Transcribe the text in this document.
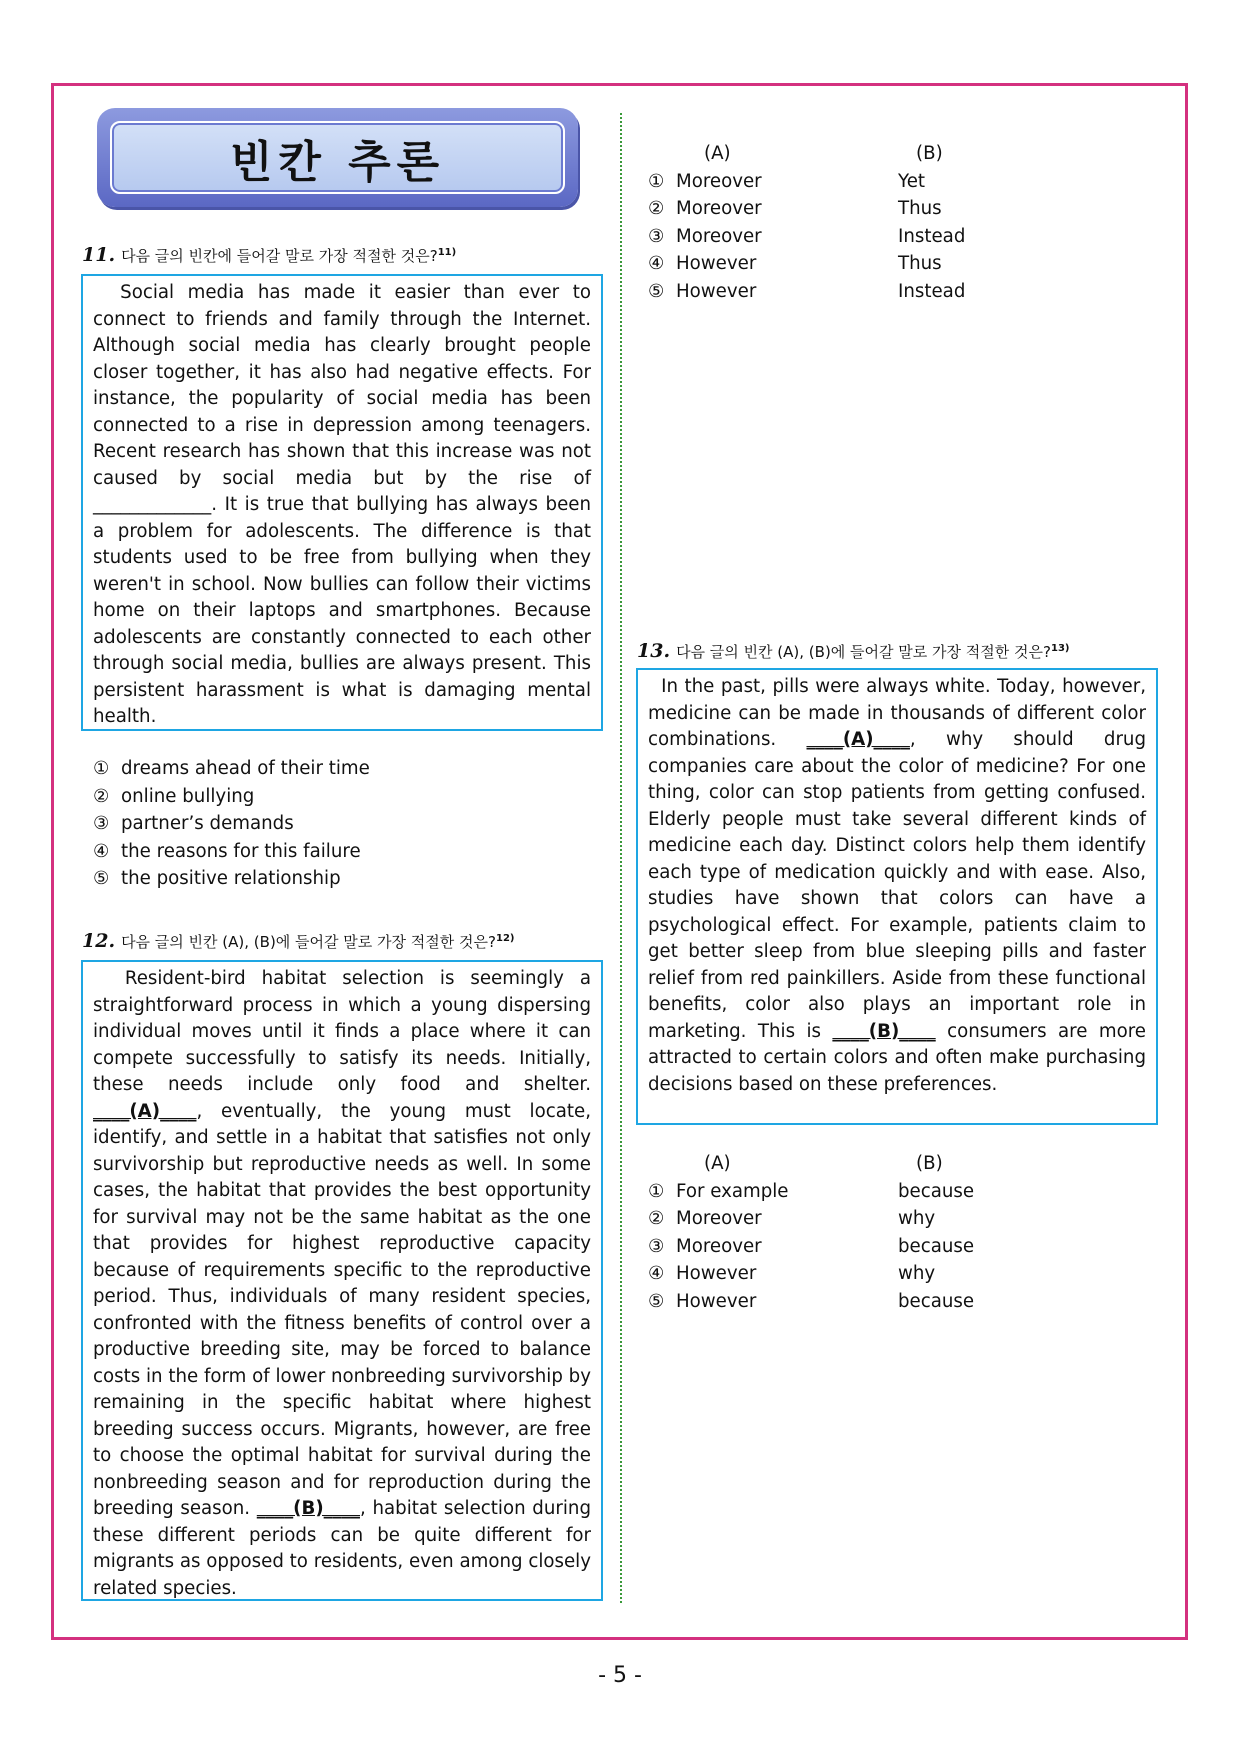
빈칸 추론
11. 다음 글의 빈칸에 들어갈 말로 가장 적절한 것은?$^{11)}$

Social media has made it easier than ever to connect to friends and family through the Internet. Although social media has clearly brought people closer together, it has also had negative effects. For instance, the popularity of social media has been connected to a rise in depression among teenagers. Recent research has shown that this increase was not caused by social media but by the rise of _____________. It is true that bullying has always been a problem for adolescents. The difference is that students used to be free from bullying when they weren't in school. Now bullies can follow their victims home on their laptops and smartphones. Because adolescents are constantly connected to each other through social media, bullies are always present. This persistent harassment is what is damaging mental health.

① dreams ahead of their time
② online bullying
③ partner’s demands
④ the reasons for this failure
⑤ the positive relationship
12. 다음 글의 빈칸 (A), (B)에 들어갈 말로 가장 적절한 것은?$^{12)}$

Resident-bird habitat selection is seemingly a straightforward process in which a young dispersing individual moves until it finds a place where it can compete successfully to satisfy its needs. Initially, these needs include only food and shelter. ____(A)____, eventually, the young must locate, identify, and settle in a habitat that satisfies not only survivorship but reproductive needs as well. In some cases, the habitat that provides the best opportunity for survival may not be the same habitat as the one that provides for highest reproductive capacity because of requirements specific to the reproductive period. Thus, individuals of many resident species, confronted with the fitness benefits of control over a productive breeding site, may be forced to balance costs in the form of lower nonbreeding survivorship by remaining in the specific habitat where highest breeding success occurs. Migrants, however, are free to choose the optimal habitat for survival during the nonbreeding season and for reproduction during the breeding season. ____(B)____, habitat selection during these different periods can be quite different for migrants as opposed to residents, even among closely related species.

(A)	(B)
① Moreover	Yet
② Moreover	Thus
③ Moreover	Instead
④ However	Thus
⑤ However	Instead
13. 다음 글의 빈칸 (A), (B)에 들어갈 말로 가장 적절한 것은?$^{13)}$

In the past, pills were always white. Today, however, medicine can be made in thousands of different color combinations. ____(A)____, why should drug companies care about the color of medicine? For one thing, color can stop patients from getting confused. Elderly people must take several different kinds of medicine each day. Distinct colors help them identify each type of medication quickly and with ease. Also, studies have shown that colors can have a psychological effect. For example, patients claim to get better sleep from blue sleeping pills and faster relief from red painkillers. Aside from these functional benefits, color also plays an important role in marketing. This is ____(B)____ consumers are more attracted to certain colors and often make purchasing decisions based on these preferences.

(A)	(B)
① For example	because
② Moreover	why
③ Moreover	because
④ However	why
⑤ However	because
- 5 -
